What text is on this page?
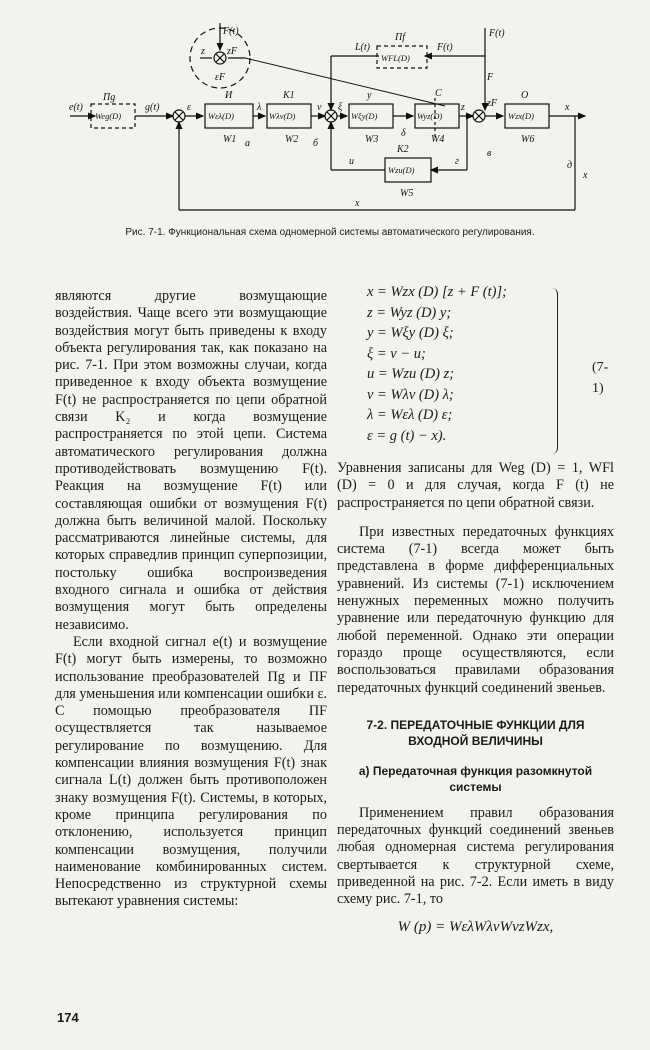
e(t)	g(t)
Пg
Weg(D)
ε
Wελ(D)
W1
И
a
λ
K1
Wλv(D)
W2
v ξ
б
Wξy(D)
W3
y
δ
C
Wyz(D)
W4
z zF
O
Wzx(D)
W6
x
д
x
L(t)
Пf
WFL(D)
F(t)
F(t)
F
u
K2
Wzu(D)
W5
г
в
x
F(t)
z zF
εF
Рис. 7-1. Функциональная схема одномерной системы автоматического регулирования.

являются другие возмущающие воздействия. Чаще всего эти возмущающие воздействия могут быть приведены к входу объекта регулирования так, как показано на рис. 7-1. При этом возможны случаи, когда приведенное к входу объекта возмущение F(t) не распространяется по цепи обратной связи K₂ и когда возмущение распространяется по этой цепи. Система автоматического регулирования должна противодействовать возмущению F(t). Реакция на возмущение F(t) или составляющая ошибки от возмущения F(t) должна быть величиной малой. Поскольку рассматриваются линейные системы, для которых справедлив принцип суперпозиции, постольку ошибка воспроизведения входного сигнала и ошибка от действия возмущения могут быть определены независимо.

Если входной сигнал e(t) и возмущение F(t) могут быть измерены, то возможно использование преобразователей Пg и ПF для уменьшения или компенсации ошибки ε. С помощью преобразователя ПF осуществляется так называемое регулирование по возмущению. Для компенсации влияния возмущения F(t) знак сигнала L(t) должен быть противоположен знаку возмущения F(t). Системы, в которых, кроме принципа регулирования по отклонению, используется принцип компенсации возмущения, получили наименование комбинированных систем. Непосредственно из структурной схемы вытекают уравнения системы:

x = Wzx (D) [z + F (t)];
z = Wyz (D) y;
y = Wξy (D) ξ;
ξ = v − u;
u = Wzu (D) z;
v = Wλv (D) λ;
λ = Wελ (D) ε;
ε = g (t) − x).
(7-1)

Уравнения записаны для Weg (D) = 1, WFl (D) = 0 и для случая, когда F (t) не распространяется по цепи обратной связи.

При известных передаточных функциях система (7-1) всегда может быть представлена в форме дифференциальных уравнений. Из системы (7-1) исключением ненужных переменных можно получить уравнение или передаточную функцию для любой переменной. Однако эти операции гораздо проще осуществляются, если воспользоваться правилами образования передаточных функций соединений звеньев.

7-2. ПЕРЕДАТОЧНЫЕ ФУНКЦИИ ДЛЯ ВХОДНОЙ ВЕЛИЧИНЫ

а) Передаточная функция разомкнутой системы

Применением правил образования передаточных функций соединений звеньев любая одномерная система регулирования свертывается к структурной схеме, приведенной на рис. 7-2. Если иметь в виду схему рис. 7-1, то

W (p) = WελWλvWvzWzx,
174
